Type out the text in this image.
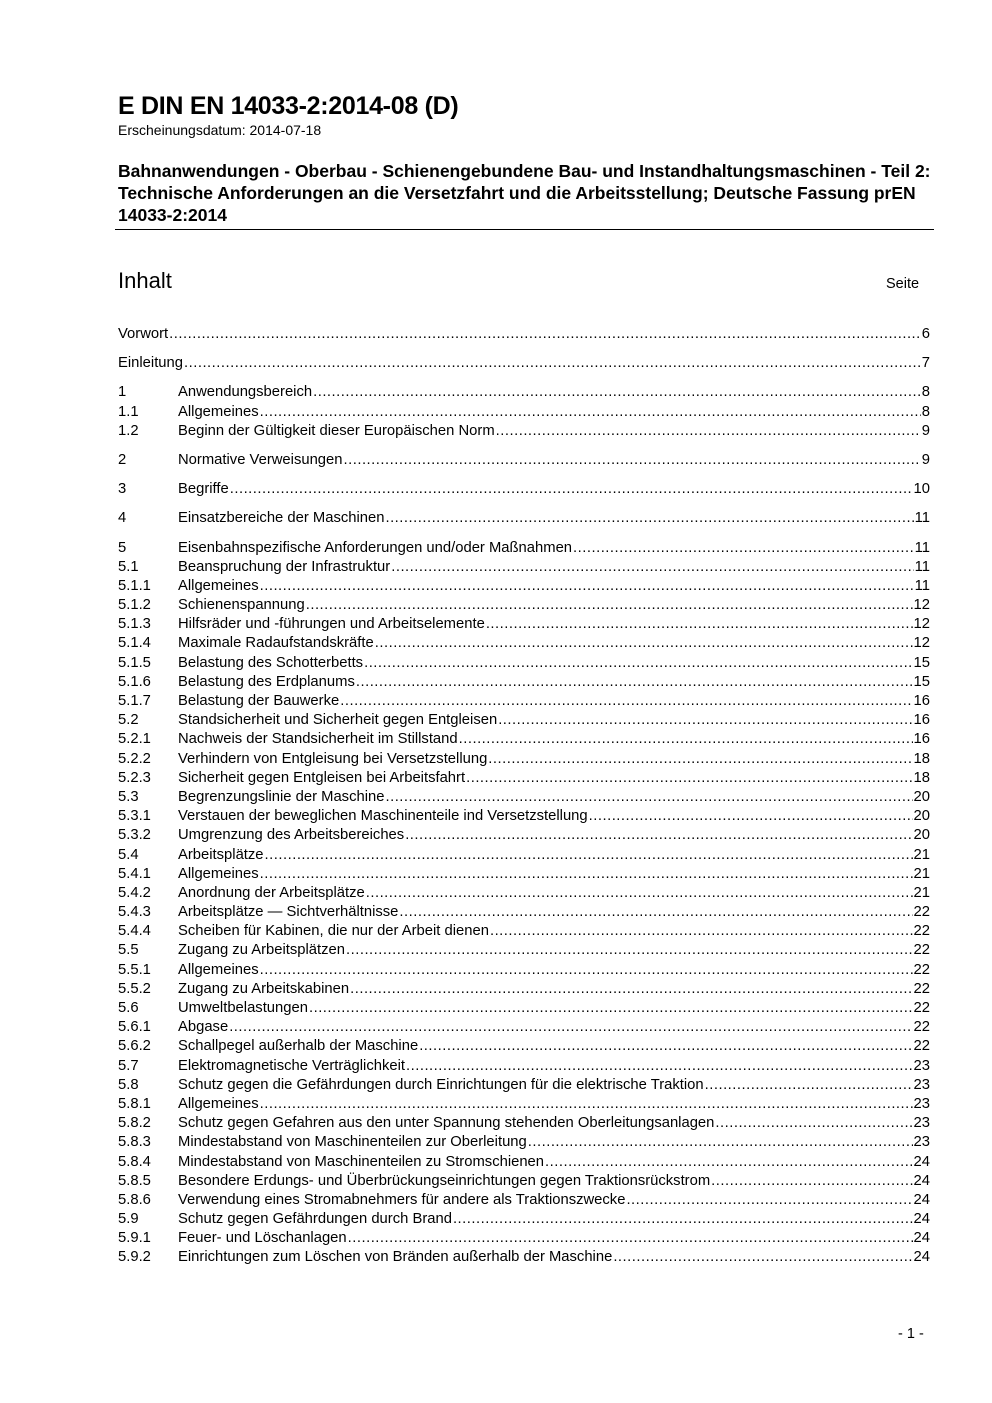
E DIN EN 14033-2:2014-08 (D)
Erscheinungsdatum: 2014-07-18
Bahnanwendungen - Oberbau - Schienengebundene Bau- und Instandhaltungsmaschinen - Teil 2: Technische Anforderungen an die Versetzfahrt und die Arbeitsstellung; Deutsche Fassung prEN 14033-2:2014
Inhalt	Seite
Vorwort .....	6
Einleitung .....	7
1	Anwendungsbereich .....	8
1.1	Allgemeines .....	8
1.2	Beginn der Gültigkeit dieser Europäischen Norm .....	9
2	Normative Verweisungen .....	9
3	Begriffe .....	10
4	Einsatzbereiche der Maschinen .....	11
5	Eisenbahnspezifische Anforderungen und/oder Maßnahmen .....	11
5.1	Beanspruchung der Infrastruktur .....	11
5.1.1	Allgemeines .....	11
5.1.2	Schienenspannung .....	12
5.1.3	Hilfsräder und -führungen und Arbeitselemente .....	12
5.1.4	Maximale Radaufstandskräfte .....	12
5.1.5	Belastung des Schotterbetts .....	15
5.1.6	Belastung des Erdplanums .....	15
5.1.7	Belastung der Bauwerke .....	16
5.2	Standsicherheit und Sicherheit gegen Entgleisen .....	16
5.2.1	Nachweis der Standsicherheit im Stillstand .....	16
5.2.2	Verhindern von Entgleisung bei Versetzstellung .....	18
5.2.3	Sicherheit gegen Entgleisen bei Arbeitsfahrt .....	18
5.3	Begrenzungslinie der Maschine .....	20
5.3.1	Verstauen der beweglichen Maschinenteile ind Versetzstellung .....	20
5.3.2	Umgrenzung des Arbeitsbereiches .....	20
5.4	Arbeitsplätze .....	21
5.4.1	Allgemeines .....	21
5.4.2	Anordnung der Arbeitsplätze .....	21
5.4.3	Arbeitsplätze — Sichtverhältnisse .....	22
5.4.4	Scheiben für Kabinen, die nur der Arbeit dienen .....	22
5.5	Zugang zu Arbeitsplätzen .....	22
5.5.1	Allgemeines .....	22
5.5.2	Zugang zu Arbeitskabinen .....	22
5.6	Umweltbelastungen .....	22
5.6.1	Abgase .....	22
5.6.2	Schallpegel außerhalb der Maschine .....	22
5.7	Elektromagnetische Verträglichkeit .....	23
5.8	Schutz gegen die Gefährdungen durch Einrichtungen für die elektrische Traktion .....	23
5.8.1	Allgemeines .....	23
5.8.2	Schutz gegen Gefahren aus den unter Spannung stehenden Oberleitungsanlagen .....	23
5.8.3	Mindestabstand von Maschinenteilen zur Oberleitung .....	23
5.8.4	Mindestabstand von Maschinenteilen zu Stromschienen .....	24
5.8.5	Besondere Erdungs- und Überbrückungseinrichtungen gegen Traktionsrückstrom .....	24
5.8.6	Verwendung eines Stromabnehmers für andere als Traktionszwecke .....	24
5.9	Schutz gegen Gefährdungen durch Brand .....	24
5.9.1	Feuer- und Löschanlagen .....	24
5.9.2	Einrichtungen zum Löschen von Bränden außerhalb der Maschine .....	24
- 1 -
